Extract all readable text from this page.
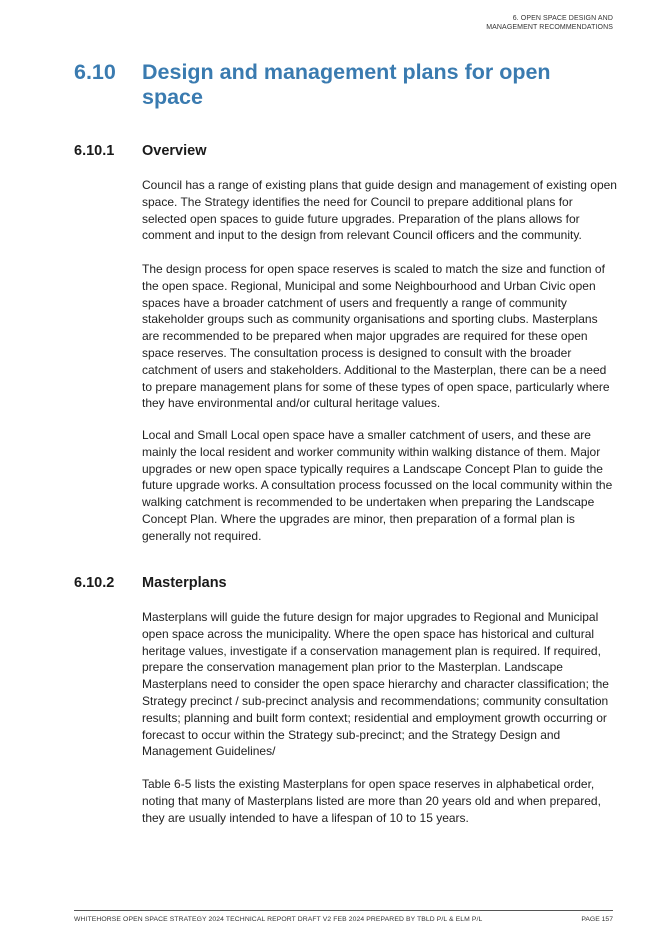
6. OPEN SPACE DESIGN AND
MANAGEMENT RECOMMENDATIONS
6.10 Design and management plans for open space
6.10.1 Overview

Council has a range of existing plans that guide design and management of existing open space. The Strategy identifies the need for Council to prepare additional plans for selected open spaces to guide future upgrades. Preparation of the plans allows for comment and input to the design from relevant Council officers and the community.

The design process for open space reserves is scaled to match the size and function of the open space. Regional, Municipal and some Neighbourhood and Urban Civic open spaces have a broader catchment of users and frequently a range of community stakeholder groups such as community organisations and sporting clubs. Masterplans are recommended to be prepared when major upgrades are required for these open space reserves. The consultation process is designed to consult with the broader catchment of users and stakeholders. Additional to the Masterplan, there can be a need to prepare management plans for some of these types of open space, particularly where they have environmental and/or cultural heritage values.

Local and Small Local open space have a smaller catchment of users, and these are mainly the local resident and worker community within walking distance of them. Major upgrades or new open space typically requires a Landscape Concept Plan to guide the future upgrade works. A consultation process focussed on the local community within the walking catchment is recommended to be undertaken when preparing the Landscape Concept Plan. Where the upgrades are minor, then preparation of a formal plan is generally not required.

6.10.2 Masterplans

Masterplans will guide the future design for major upgrades to Regional and Municipal open space across the municipality. Where the open space has historical and cultural heritage values, investigate if a conservation management plan is required. If required, prepare the conservation management plan prior to the Masterplan. Landscape Masterplans need to consider the open space hierarchy and character classification; the Strategy precinct / sub-precinct analysis and recommendations; community consultation results; planning and built form context; residential and employment growth occurring or forecast to occur within the Strategy sub-precinct; and the Strategy Design and Management Guidelines/

Table 6-5 lists the existing Masterplans for open space reserves in alphabetical order, noting that many of Masterplans listed are more than 20 years old and when prepared, they are usually intended to have a lifespan of 10 to 15 years.

WHITEHORSE OPEN SPACE STRATEGY 2024 TECHNICAL REPORT DRAFT V2 FEB 2024 PREPARED BY TBLD P/L & ELM P/L	PAGE 157
